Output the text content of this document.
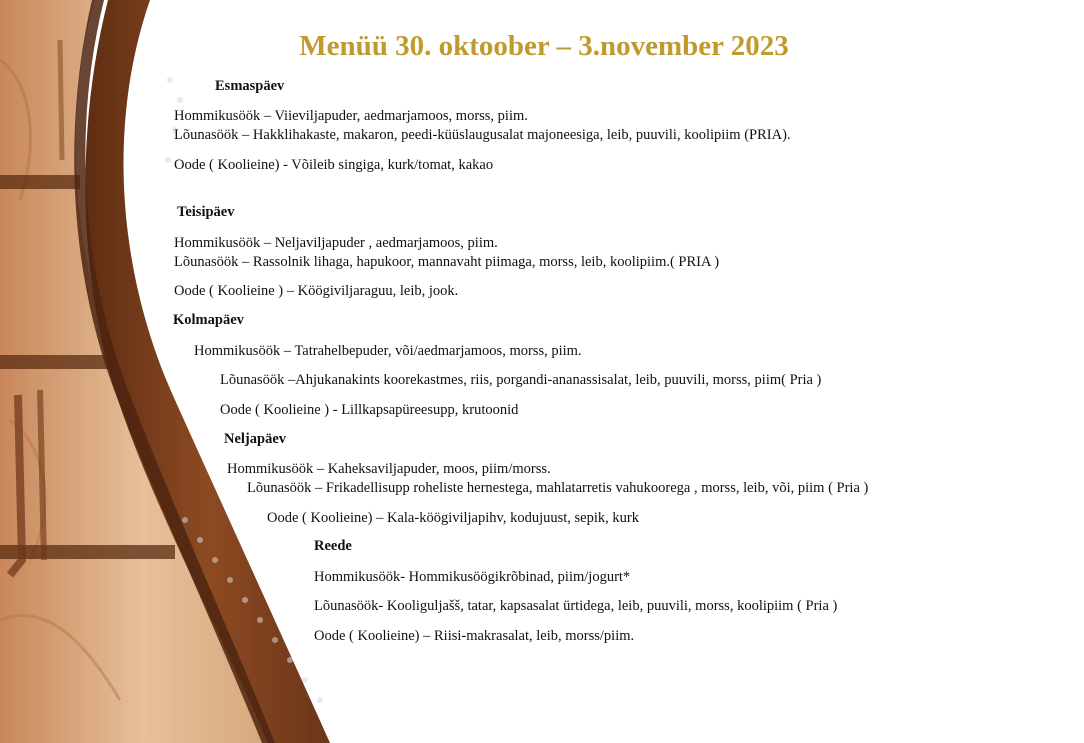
Menüü 30. oktoober – 3.november 2023
Esmaspäev
Hommikusöök – Viieviljapuder, aedmarjamoos, morss, piim.
Lõunasöök – Hakklihakaste, makaron, peedi-küüslaugusalat majoneesiga, leib, puuvili, koolipiim (PRIA).
Oode ( Koolieine) - Võileib singiga, kurk/tomat, kakao
Teisipäev
Hommikusöök – Neljaviljapuder , aedmarjamoos, piim.
Lõunasöök – Rassolnik lihaga, hapukoor, mannavaht piimaga, morss, leib, koolipiim.( PRIA )
Oode ( Koolieine ) – Köögiviljaraguu, leib, jook.
Kolmapäev
Hommikusöök – Tatrahelbepuder, või/aedmarjamoos, morss, piim.
Lõunasöök –Ahjukanakints koorekastmes, riis, porgandi-ananassisalat, leib, puuvili, morss, piim( Pria )
Oode ( Koolieine ) - Lillkapsapüreesupp, krutoonid
Neljapäev
Hommikusöök – Kaheksaviljapuder, moos, piim/morss.
Lõunasöök – Frikadellisupp roheliste hernestega, mahlatarretis vahukoorega , morss, leib, või, piim ( Pria )
Oode ( Koolieine) – Kala-köögiviljapihv, kodujuust, sepik, kurk
Reede
Hommikusöök- Hommikusöögikrõbinad, piim/jogurt*
Lõunasöök- Kooliguljašš, tatar, kapsasalat ürtidega, leib, puuvili, morss, koolipiim ( Pria )
Oode ( Koolieine) – Riisi-makrasalat, leib, morss/piim.
